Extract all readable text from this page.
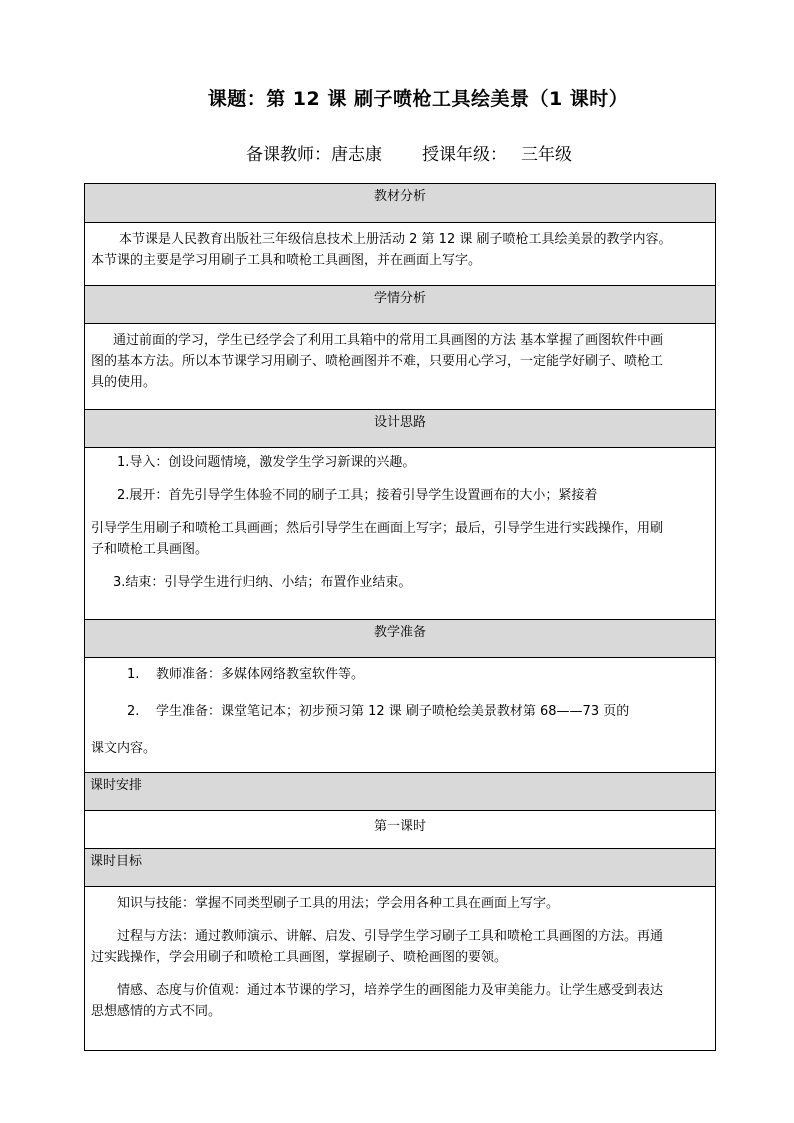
课题：第 12 课 刷子喷枪工具绘美景（1 课时）
备课教师：唐志康 授课年级： 三年级
教材分析

本节课是人民教育出版社三年级信息技术上册活动 2 第 12 课 刷子喷枪工具绘美景的教学内容。

本节课的主要是学习用刷子工具和喷枪工具画图，并在画面上写字。

学情分析

通过前面的学习，学生已经学会了利用工具箱中的常用工具画图的方法 基本掌握了画图软件中画

图的基本方法。所以本节课学习用刷子、喷枪画图并不难，只要用心学习，一定能学好刷子、喷枪工

具的使用。

设计思路

1.导入：创设问题情境，激发学生学习新课的兴趣。

2.展开：首先引导学生体验不同的刷子工具；接着引导学生设置画布的大小；紧接着

引导学生用刷子和喷枪工具画画；然后引导学生在画面上写字；最后，引导学生进行实践操作，用刷

子和喷枪工具画图。

3.结束：引导学生进行归纳、小结；布置作业结束。

教学准备

1. 教师准备：多媒体网络教室软件等。

2. 学生准备：课堂笔记本；初步预习第 12 课 刷子喷枪绘美景教材第 68——73 页的

课文内容。

课时安排

第一课时

课时目标

知识与技能：掌握不同类型刷子工具的用法；学会用各种工具在画面上写字。

过程与方法：通过教师演示、讲解、启发、引导学生学习刷子工具和喷枪工具画图的方法。再通

过实践操作，学会用刷子和喷枪工具画图，掌握刷子、喷枪画图的要领。

情感、态度与价值观：通过本节课的学习，培养学生的画图能力及审美能力。让学生感受到表达

思想感情的方式不同。
